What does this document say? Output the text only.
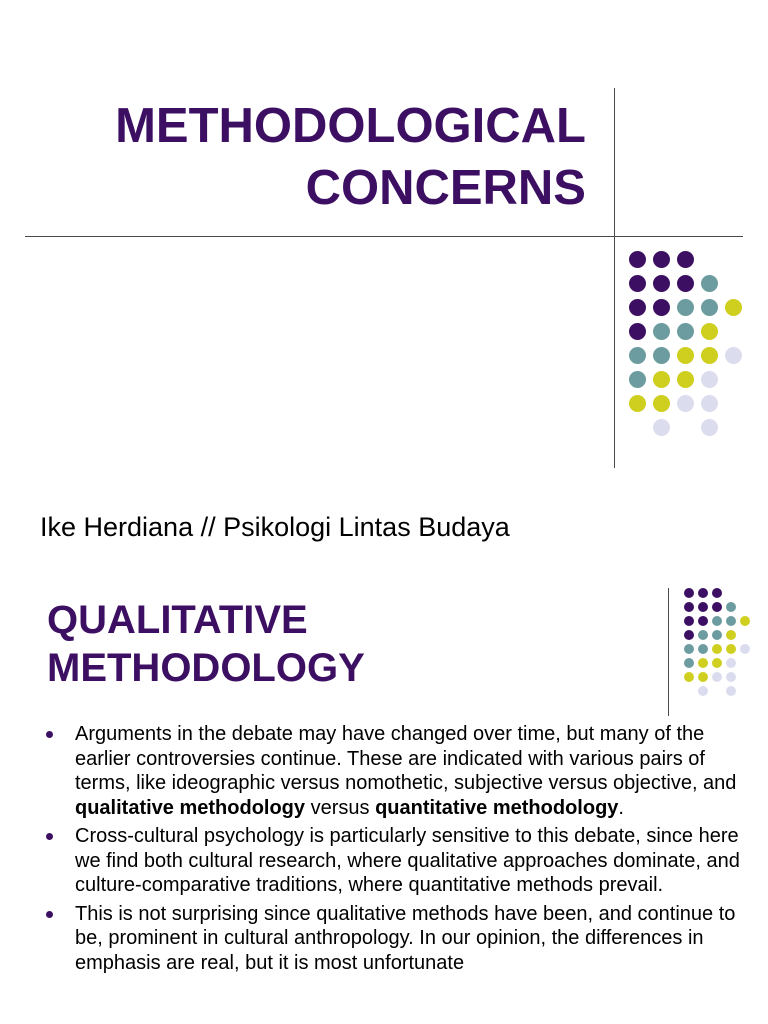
METHODOLOGICAL
CONCERNS
Ike Herdiana // Psikologi Lintas Budaya
QUALITATIVE
METHODOLOGY
Arguments in the debate may have changed over time, but many of the earlier controversies continue. These are indicated with various pairs of terms, like ideographic versus nomothetic, subjective versus objective, and qualitative methodology versus quantitative methodology.
Cross-cultural psychology is particularly sensitive to this debate, since here we find both cultural research, where qualitative approaches dominate, and culture-comparative traditions, where quantitative methods prevail.
This is not surprising since qualitative methods have been, and continue to be, prominent in cultural anthropology. In our opinion, the differences in emphasis are real, but it is most unfortunate
